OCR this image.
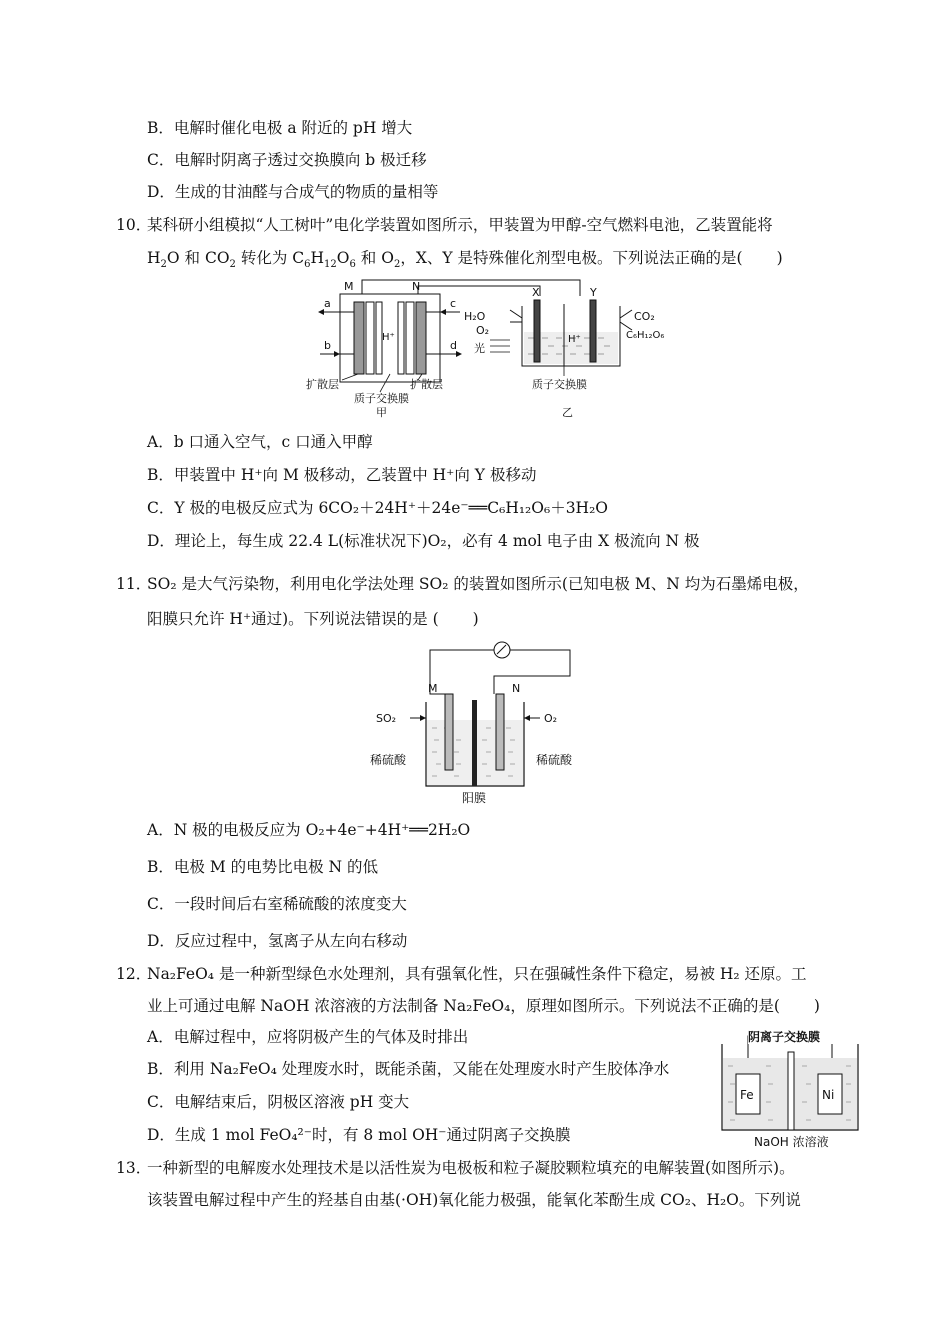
B．电解时催化电极 a 附近的 pH 增大
C．电解时阴离子透过交换膜向 b 极迁移
D．生成的甘油醛与合成气的物质的量相等
10．
某科研小组模拟“人工树叶”电化学装置如图所示，甲装置为甲醇-空气燃料电池，乙装置能将
$H_2O$ 和 $CO_2$ 转化为 $C_6H_{12}O_6$ 和 $O_2$，X、Y 是特殊催化剂型电极。下列说法正确的是( )
M	N
a
b
c
d
H⁺
扩散层	扩散层
质子交换膜
甲
X	Y
H⁺
H₂O
O₂
光
CO₂
C₆H₁₂O₆
质子交换膜
乙
A．b 口通入空气，c 口通入甲醇
B．甲装置中 H⁺向 M 极移动，乙装置中 H⁺向 Y 极移动
C．Y 极的电极反应式为 6CO₂＋24H⁺＋24e⁻══C₆H₁₂O₆＋3H₂O
D．理论上，每生成 22.4 L(标准状况下)O₂，必有 4 mol 电子由 X 极流向 N 极
11．
SO₂ 是大气污染物，利用电化学法处理 SO₂ 的装置如图所示(已知电极 M、N 均为石墨烯电极，
阳膜只允许 H⁺通过)。下列说法错误的是 ( )
M	N
SO₂	O₂
稀硫酸	稀硫酸
阳膜
A．N 极的电极反应为 O₂+4e⁻+4H⁺══2H₂O
B．电极 M 的电势比电极 N 的低
C．一段时间后右室稀硫酸的浓度变大
D．反应过程中，氢离子从左向右移动
12．
Na₂FeO₄ 是一种新型绿色水处理剂，具有强氧化性，只在强碱性条件下稳定，易被 H₂ 还原。工
业上可通过电解 NaOH 浓溶液的方法制备 Na₂FeO₄，原理如图所示。下列说法不正确的是( )
A．电解过程中，应将阴极产生的气体及时排出
B．利用 Na₂FeO₄ 处理废水时，既能杀菌，又能在处理废水时产生胶体净水
C．电解结束后，阴极区溶液 pH 变大
D．生成 1 mol FeO₄²⁻时，有 8 mol OH⁻通过阴离子交换膜
阴离子交换膜
Fe	Ni
NaOH 浓溶液
13．
一种新型的电解废水处理技术是以活性炭为电极板和粒子凝胶颗粒填充的电解装置(如图所示)。
该装置电解过程中产生的羟基自由基(·OH)氧化能力极强，能氧化苯酚生成 CO₂、H₂O。下列说
